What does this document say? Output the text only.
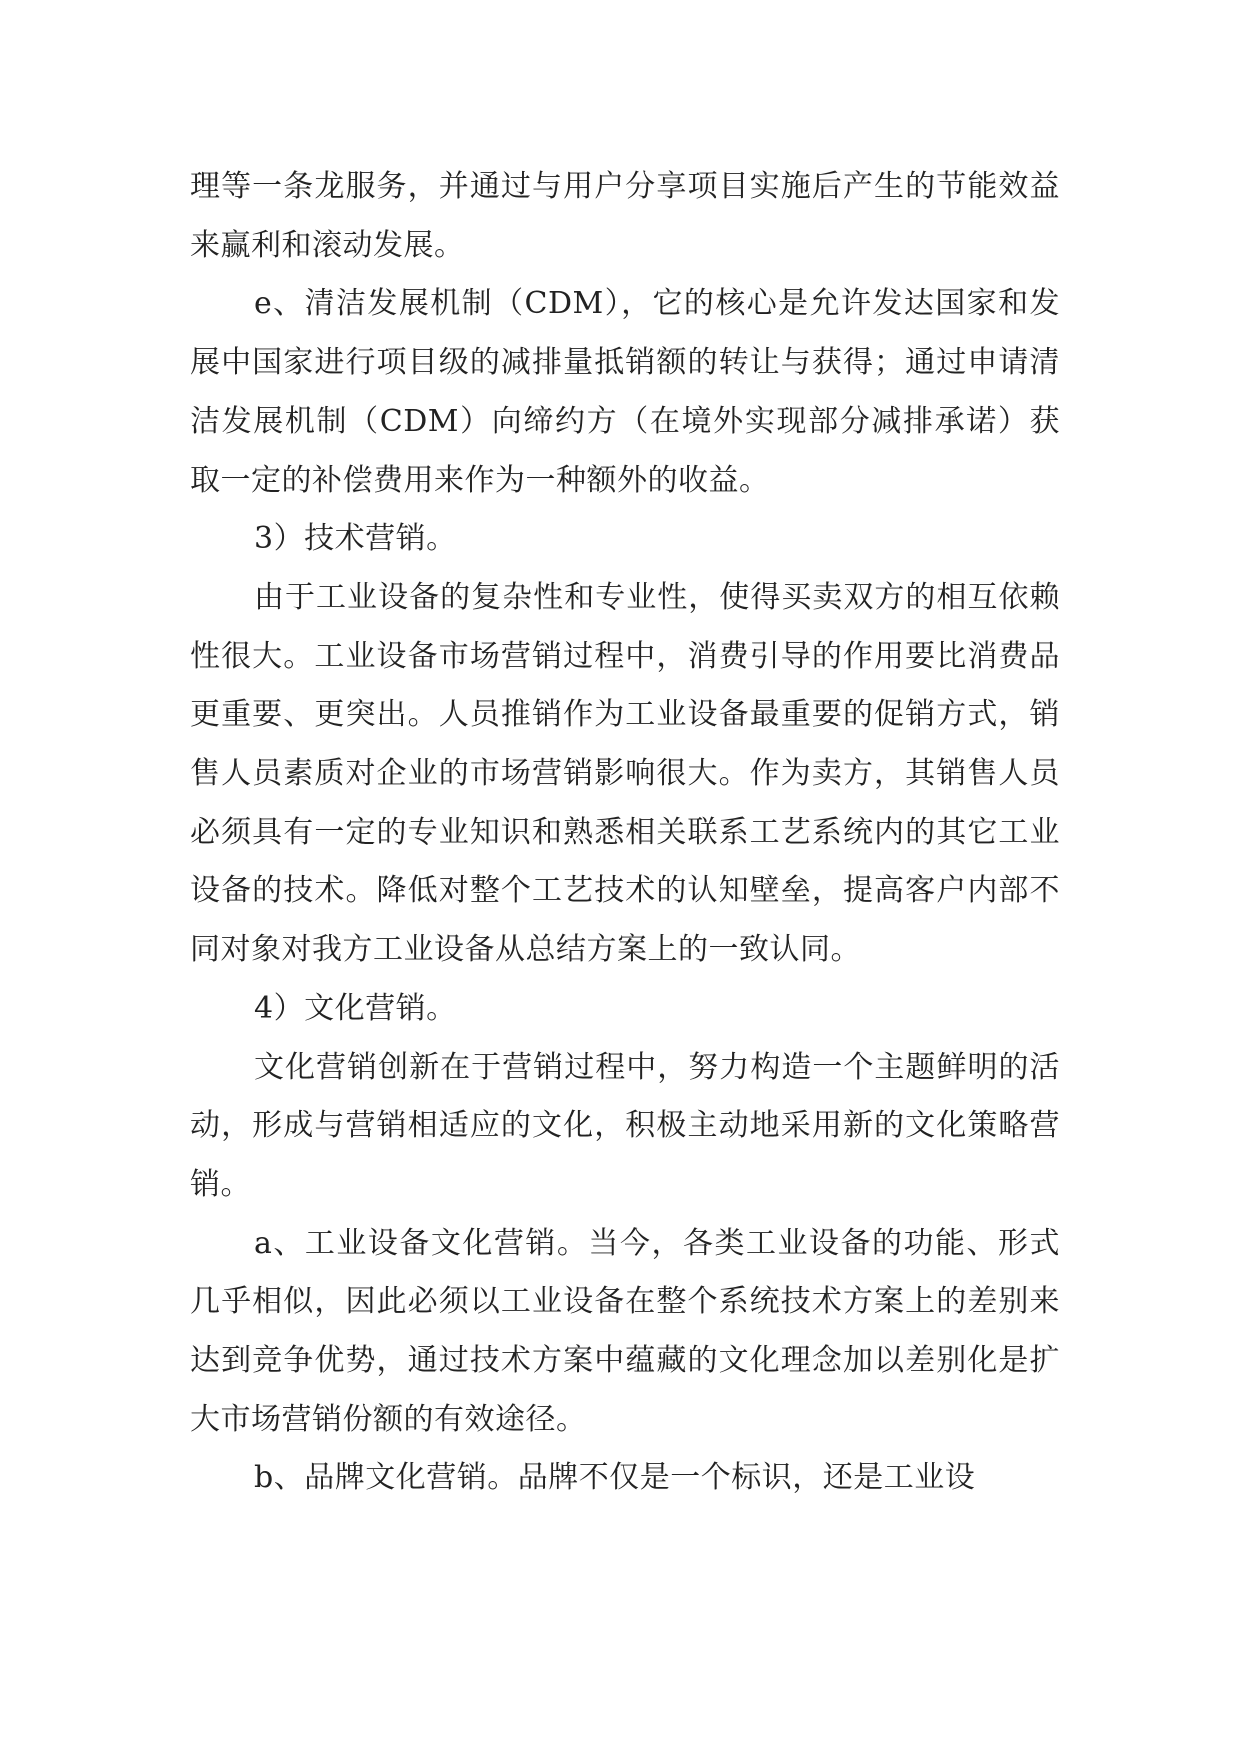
理等一条龙服务，并通过与用户分享项目实施后产生的节能效益来赢利和滚动发展。

e、清洁发展机制（CDM），它的核心是允许发达国家和发展中国家进行项目级的减排量抵销额的转让与获得；通过申请清洁发展机制（CDM）向缔约方（在境外实现部分减排承诺）获取一定的补偿费用来作为一种额外的收益。

3）技术营销。

由于工业设备的复杂性和专业性，使得买卖双方的相互依赖性很大。工业设备市场营销过程中，消费引导的作用要比消费品更重要、更突出。人员推销作为工业设备最重要的促销方式，销售人员素质对企业的市场营销影响很大。作为卖方，其销售人员必须具有一定的专业知识和熟悉相关联系工艺系统内的其它工业设备的技术。降低对整个工艺技术的认知壁垒，提高客户内部不同对象对我方工业设备从总结方案上的一致认同。

4）文化营销。

文化营销创新在于营销过程中，努力构造一个主题鲜明的活动，形成与营销相适应的文化，积极主动地采用新的文化策略营销。

a、工业设备文化营销。当今，各类工业设备的功能、形式几乎相似，因此必须以工业设备在整个系统技术方案上的差别来达到竞争优势，通过技术方案中蕴藏的文化理念加以差别化是扩大市场营销份额的有效途径。

b、品牌文化营销。品牌不仅是一个标识，还是工业设
